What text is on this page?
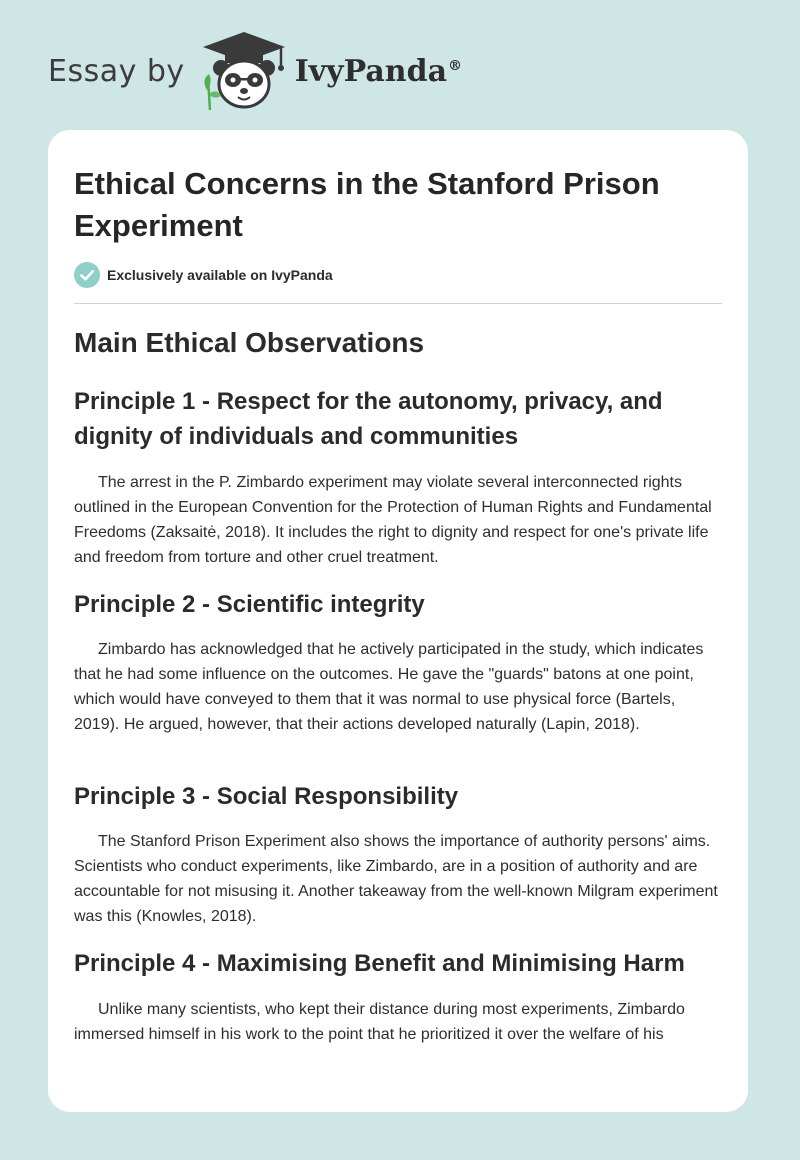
Essay by	IvyPanda®
Ethical Concerns in the Stanford Prison Experiment
Exclusively available on IvyPanda
Main Ethical Observations
Principle 1 - Respect for the autonomy, privacy, and dignity of individuals and communities

The arrest in the P. Zimbardo experiment may violate several interconnected rights outlined in the European Convention for the Protection of Human Rights and Fundamental Freedoms (Zaksaitė, 2018). It includes the right to dignity and respect for one's private life and freedom from torture and other cruel treatment.

Principle 2 - Scientific integrity

Zimbardo has acknowledged that he actively participated in the study, which indicates that he had some influence on the outcomes. He gave the "guards" batons at one point, which would have conveyed to them that it was normal to use physical force (Bartels, 2019). He argued, however, that their actions developed naturally (Lapin, 2018).

Principle 3 - Social Responsibility

The Stanford Prison Experiment also shows the importance of authority persons' aims. Scientists who conduct experiments, like Zimbardo, are in a position of authority and are accountable for not misusing it. Another takeaway from the well-known Milgram experiment was this (Knowles, 2018).

Principle 4 - Maximising Benefit and Minimising Harm

Unlike many scientists, who kept their distance during most experiments, Zimbardo immersed himself in his work to the point that he prioritized it over the welfare of his
